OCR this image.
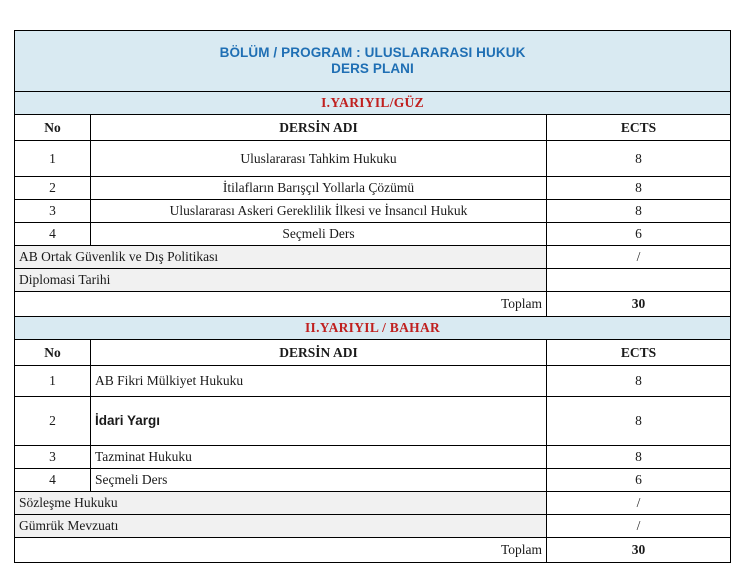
BÖLÜM / PROGRAM : ULUSLARARASI HUKUK
DERS PLANI		

I.YARIYIL/GÜZ		
No	DERSİN ADI	ECTS
1	Uluslararası Tahkim Hukuku	8
2	İtilafların Barışçıl Yollarla Çözümü	8
3	Uluslararası Askeri Gereklilik İlkesi ve İnsancıl Hukuk	8
4	Seçmeli Ders	6
AB Ortak Güvenlik ve Dış Politikası		/
Diplomasi Tarihi		
Toplam		30
II.YARIYIL / BAHAR		
No	DERSİN ADI	ECTS
1	AB Fikri Mülkiyet Hukuku	8
2	İdari Yargı	8
3	Tazminat Hukuku	8
4	Seçmeli Ders	6
Sözleşme Hukuku		/
Gümrük Mevzuatı		/
Toplam		30
